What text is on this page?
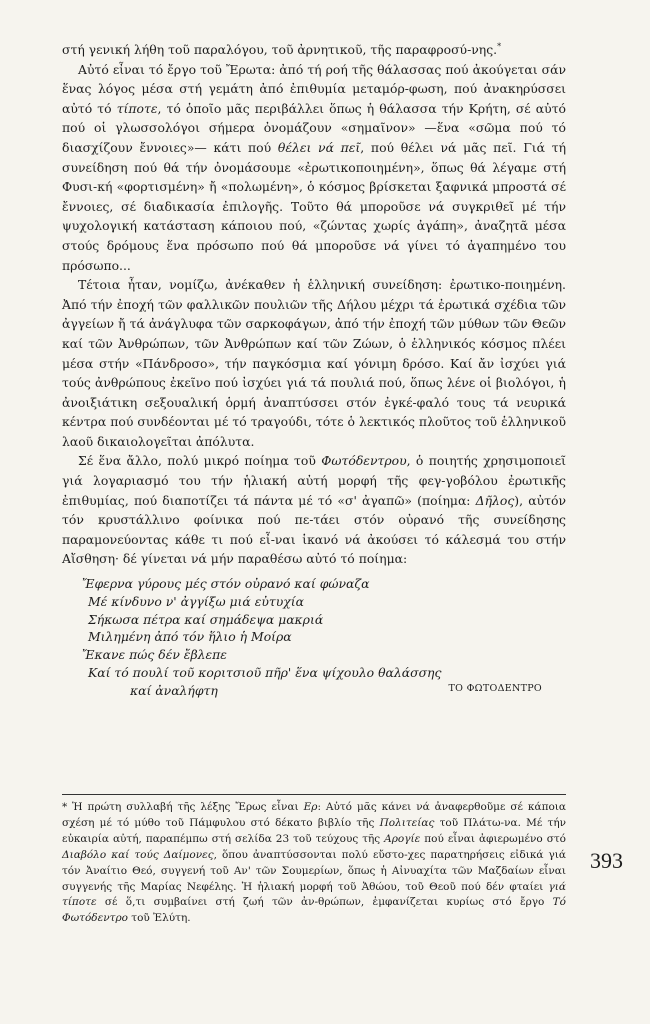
στή γενική λήθη τοῦ παραλόγου, τοῦ ἀρνητικοῦ, τῆς παραφροσύ-νης.*

Αὐτό εἶναι τό ἔργο τοῦ Ἔρωτα: ἀπό τή ροή τῆς θάλασσας πού ἀκούγεται σάν ἕνας λόγος μέσα στή γεμάτη ἀπό ἐπιθυμία μεταμόρ-φωση, πού ἀνακηρύσσει αὐτό τό τίποτε, τό ὁποῖο μᾶς περιβάλλει ὅπως ἡ θάλασσα τήν Κρήτη, σέ αὐτό πού οἱ γλωσσολόγοι σήμερα ὀνομάζουν «σημαῖνον» —ἕνα «σῶμα πού τό διασχίζουν ἔννοιες»— κάτι πού θέλει νά πεῖ, πού θέλει νά μᾶς πεῖ. Γιά τή συνείδηση πού θά τήν ὀνομάσουμε «ἐρωτικοποιημένη», ὅπως θά λέγαμε στή Φυσι-κή «φορτισμένη» ἤ «πολωμένη», ὁ κόσμος βρίσκεται ξαφνικά μπροστά σέ ἔννοιες, σέ διαδικασία ἐπιλογῆς. Τοῦτο θά μποροῦσε νά συγκριθεῖ μέ τήν ψυχολογική κατάσταση κάποιου πού, «ζώντας χωρίς ἀγάπη», ἀναζητᾶ μέσα στούς δρόμους ἕνα πρόσωπο πού θά μποροῦσε νά γίνει τό ἀγαπημένο του πρόσωπο...

Τέτοια ἦταν, νομίζω, ἀνέκαθεν ἡ ἑλληνική συνείδηση: ἐρωτικο-ποιημένη. Ἀπό τήν ἐποχή τῶν φαλλικῶν πουλιῶν τῆς Δήλου μέχρι τά ἐρωτικά σχέδια τῶν ἀγγείων ἤ τά ἀνάγλυφα τῶν σαρκοφάγων, ἀπό τήν ἐποχή τῶν μύθων τῶν Θεῶν καί τῶν Ἀνθρώπων, τῶν Ἀνθρώπων καί τῶν Ζώων, ὁ ἑλληνικός κόσμος πλέει μέσα στήν «Πάνδροσο», τήν παγκόσμια καί γόνιμη δρόσο. Καί ἄν ἰσχύει γιά τούς ἀνθρώπους ἐκεῖνο πού ἰσχύει γιά τά πουλιά πού, ὅπως λένε οἱ βιολόγοι, ἡ ἀνοιξιάτικη σεξουαλική ὁρμή ἀναπτύσσει στόν ἐγκέ-φαλό τους τά νευρικά κέντρα πού συνδέονται μέ τό τραγούδι, τότε ὁ λεκτικός πλοῦτος τοῦ ἑλληνικοῦ λαοῦ δικαιολογεῖται ἀπόλυτα.

Σέ ἕνα ἄλλο, πολύ μικρό ποίημα τοῦ Φωτόδεντρου, ὁ ποιητής χρησιμοποιεῖ γιά λογαριασμό του τήν ἡλιακή αὐτή μορφή τῆς φεγ-γοβόλου ἐρωτικῆς ἐπιθυμίας, πού διαποτίζει τά πάντα μέ τό «σ' ἀγαπῶ» (ποίημα: Δῆλος), αὐτόν τόν κρυστάλλινο φοίνικα πού πε-τάει στόν οὐρανό τῆς συνείδησης παραμονεύοντας κάθε τι πού εἶ-ναι ἱκανό νά ἀκούσει τό κάλεσμά του στήν Αἴσθηση· δέ γίνεται νά μήν παραθέσω αὐτό τό ποίημα:

Ἔφερνα γύρους μές στόν οὐρανό καί φώναζα
Μέ κίνδυνο ν' ἀγγίξω μιά εὐτυχία
Σήκωσα πέτρα καί σημάδεψα μακριά
Μιλημένη ἀπό τόν ἥλιο ἡ Μοίρα
Ἔκανε πώς δέν ἔβλεπε
Καί τό πουλί τοῦ κοριτσιοῦ πῆρ' ἕνα ψίχουλο θαλάσσης
καί ἀναλήφτη	ΤΟ ΦΩΤΟΔΕΝΤΡΟ

* Ἡ πρώτη συλλαβή τῆς λέξης Ἔρως εἶναι Ερ: Αὐτό μᾶς κάνει νά ἀναφερθοῦμε σέ κάποια σχέση μέ τό μύθο τοῦ Πάμφυλου στό δέκατο βιβλίο τῆς Πολιτείας τοῦ Πλάτω-να. Μέ τήν εὐκαιρία αὐτή, παραπέμπω στή σελίδα 23 τοῦ τεύχους τῆς Αρογίε πού εἶναι ἀφιερωμένο στό Διαβόλο καί τούς Δαίμονες, ὅπου ἀναπτύσσονται πολύ εὔστο-χες παρατηρήσεις εἰδικά γιά τόν Ἀναίτιο Θεό, συγγενή τοῦ Αν' τῶν Σουμερίων, ὅπως ἡ Αἰνυαχίτα τῶν Μαζδαίων εἶναι συγγενής τῆς Μαρίας Νεφέλης. Ἡ ἡλιακή μορφή τοῦ Ἀθώου, τοῦ Θεοῦ πού δέν φταίει γιά τίποτε σέ ὅ,τι συμβαίνει στή ζωή τῶν ἀν-θρώπων, ἐμφανίζεται κυρίως στό ἔργο Τό Φωτόδεντρο τοῦ Ἐλύτη.

393
